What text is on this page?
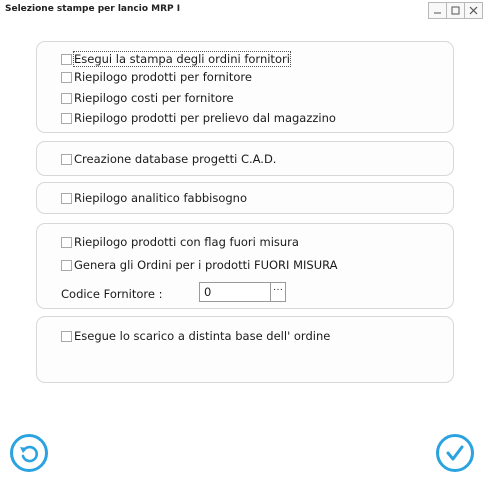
Selezione stampe per lancio MRP I
Esegui la stampa degli ordini fornitori
Riepilogo prodotti per fornitore
Riepilogo costi per fornitore
Riepilogo prodotti per prelievo dal magazzino
Creazione database progetti C.A.D.
Riepilogo analitico fabbisogno
Riepilogo prodotti con flag fuori misura
Genera gli Ordini per i prodotti FUORI MISURA
Codice Fornitore :	0	···
Esegue lo scarico a distinta base dell' ordine
